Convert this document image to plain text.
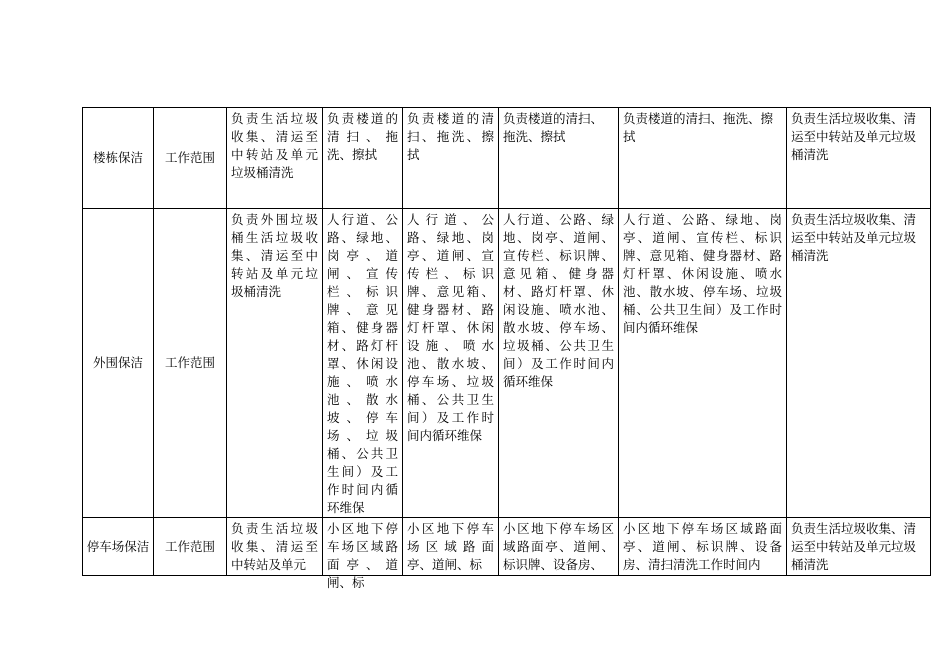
楼栋保洁	工作范围	负责生活垃圾收集、清运至中转站及单元垃圾桶清洗	负责楼道的清扫、拖洗、擦拭	负责楼道的清扫、拖洗、擦拭	负责楼道的清扫、拖洗、擦拭	负责楼道的清扫、拖洗、擦拭	负责生活垃圾收集、清运至中转站及单元垃圾桶清洗
外围保洁	工作范围	负责外围垃圾桶生活垃圾收集、清运至中转站及单元垃圾桶清洗	人行道、公路、绿地、岗亭、道闸、宣传栏、标识牌、意见箱、健身器材、路灯杆罩、休闲设施、喷水池、散水坡、停车场、垃圾桶、公共卫生间）及工作时间内循环维保	人行道、公路、绿地、岗亭、道闸、宣传栏、标识牌、意见箱、健身器材、路灯杆罩、休闲设施、喷水池、散水坡、停车场、垃圾桶、公共卫生间）及工作时间内循环维保	人行道、公路、绿地、岗亭、道闸、宣传栏、标识牌、意见箱、健身器材、路灯杆罩、休闲设施、喷水池、散水坡、停车场、垃圾桶、公共卫生间）及工作时间内循环维保	人行道、公路、绿地、岗亭、道闸、宣传栏、标识牌、意见箱、健身器材、路灯杆罩、休闲设施、喷水池、散水坡、停车场、垃圾桶、公共卫生间）及工作时间内循环维保	负责生活垃圾收集、清运至中转站及单元垃圾桶清洗
停车场保洁	工作范围	负责生活垃圾收集、清运至中转站及单元	小区地下停车场区域路面亭、道闸、标	小区地下停车场区域路面亭、道闸、标	小区地下停车场区域路面亭、道闸、标识牌、设备房、	小区地下停车场区域路面亭、道闸、标识牌、设备房、清扫清洗工作时间内	负责生活垃圾收集、清运至中转站及单元垃圾桶清洗
